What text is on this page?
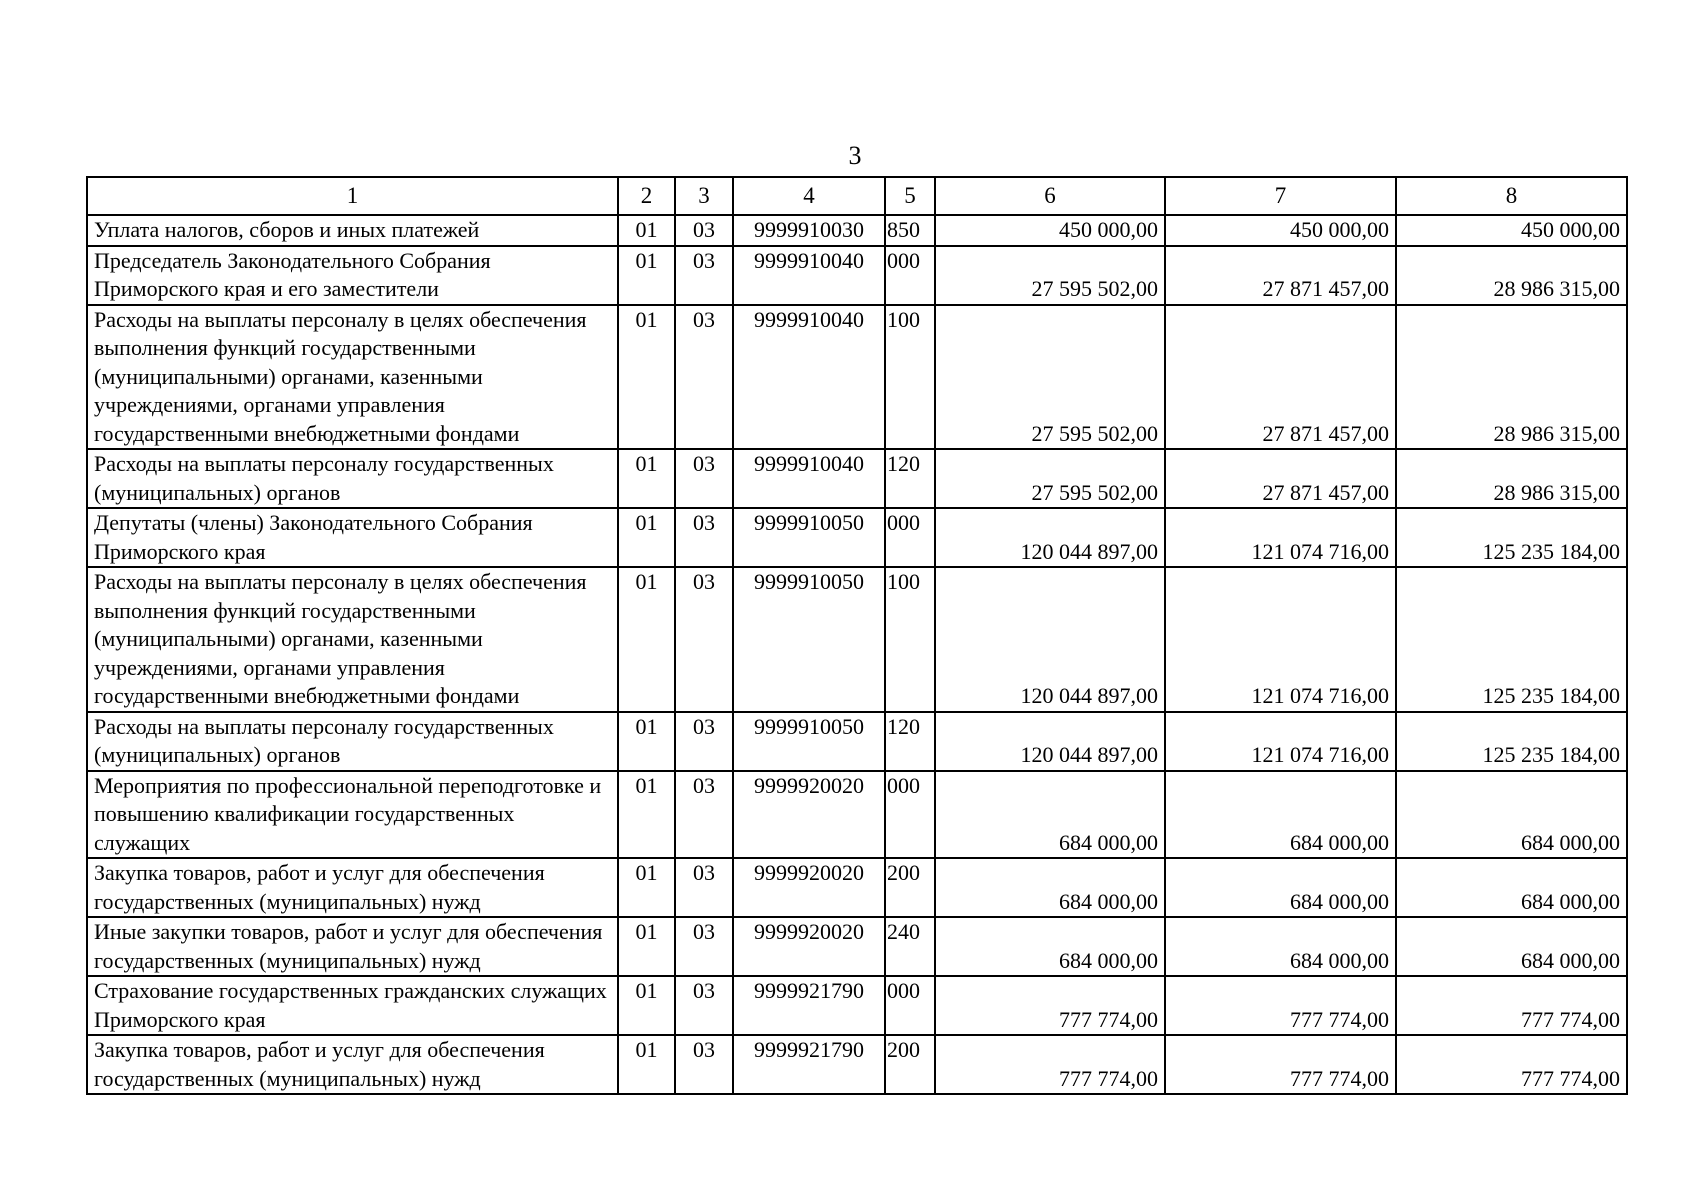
3
1	2	3	4	5	6	7	8
Уплата налогов, сборов и иных платежей	01	03	9999910030	850	450 000,00	450 000,00	450 000,00
Председатель Законодательного Собрания Приморского края и его заместители	01	03	9999910040	000	27 595 502,00	27 871 457,00	28 986 315,00
Расходы на выплаты персоналу в целях обеспечения выполнения функций государственными (муниципальными) органами, казенными учреждениями, органами управления государственными внебюджетными фондами	01	03	9999910040	100	27 595 502,00	27 871 457,00	28 986 315,00
Расходы на выплаты персоналу государственных (муниципальных) органов	01	03	9999910040	120	27 595 502,00	27 871 457,00	28 986 315,00
Депутаты (члены) Законодательного Собрания Приморского края	01	03	9999910050	000	120 044 897,00	121 074 716,00	125 235 184,00
Расходы на выплаты персоналу в целях обеспечения выполнения функций государственными (муниципальными) органами, казенными учреждениями, органами управления государственными внебюджетными фондами	01	03	9999910050	100	120 044 897,00	121 074 716,00	125 235 184,00
Расходы на выплаты персоналу государственных (муниципальных) органов	01	03	9999910050	120	120 044 897,00	121 074 716,00	125 235 184,00
Мероприятия по профессиональной переподготовке и повышению квалификации государственных служащих	01	03	9999920020	000	684 000,00	684 000,00	684 000,00
Закупка товаров, работ и услуг для обеспечения государственных (муниципальных) нужд	01	03	9999920020	200	684 000,00	684 000,00	684 000,00
Иные закупки товаров, работ и услуг для обеспечения государственных (муниципальных) нужд	01	03	9999920020	240	684 000,00	684 000,00	684 000,00
Страхование государственных гражданских служащих Приморского края	01	03	9999921790	000	777 774,00	777 774,00	777 774,00
Закупка товаров, работ и услуг для обеспечения государственных (муниципальных) нужд	01	03	9999921790	200	777 774,00	777 774,00	777 774,00
